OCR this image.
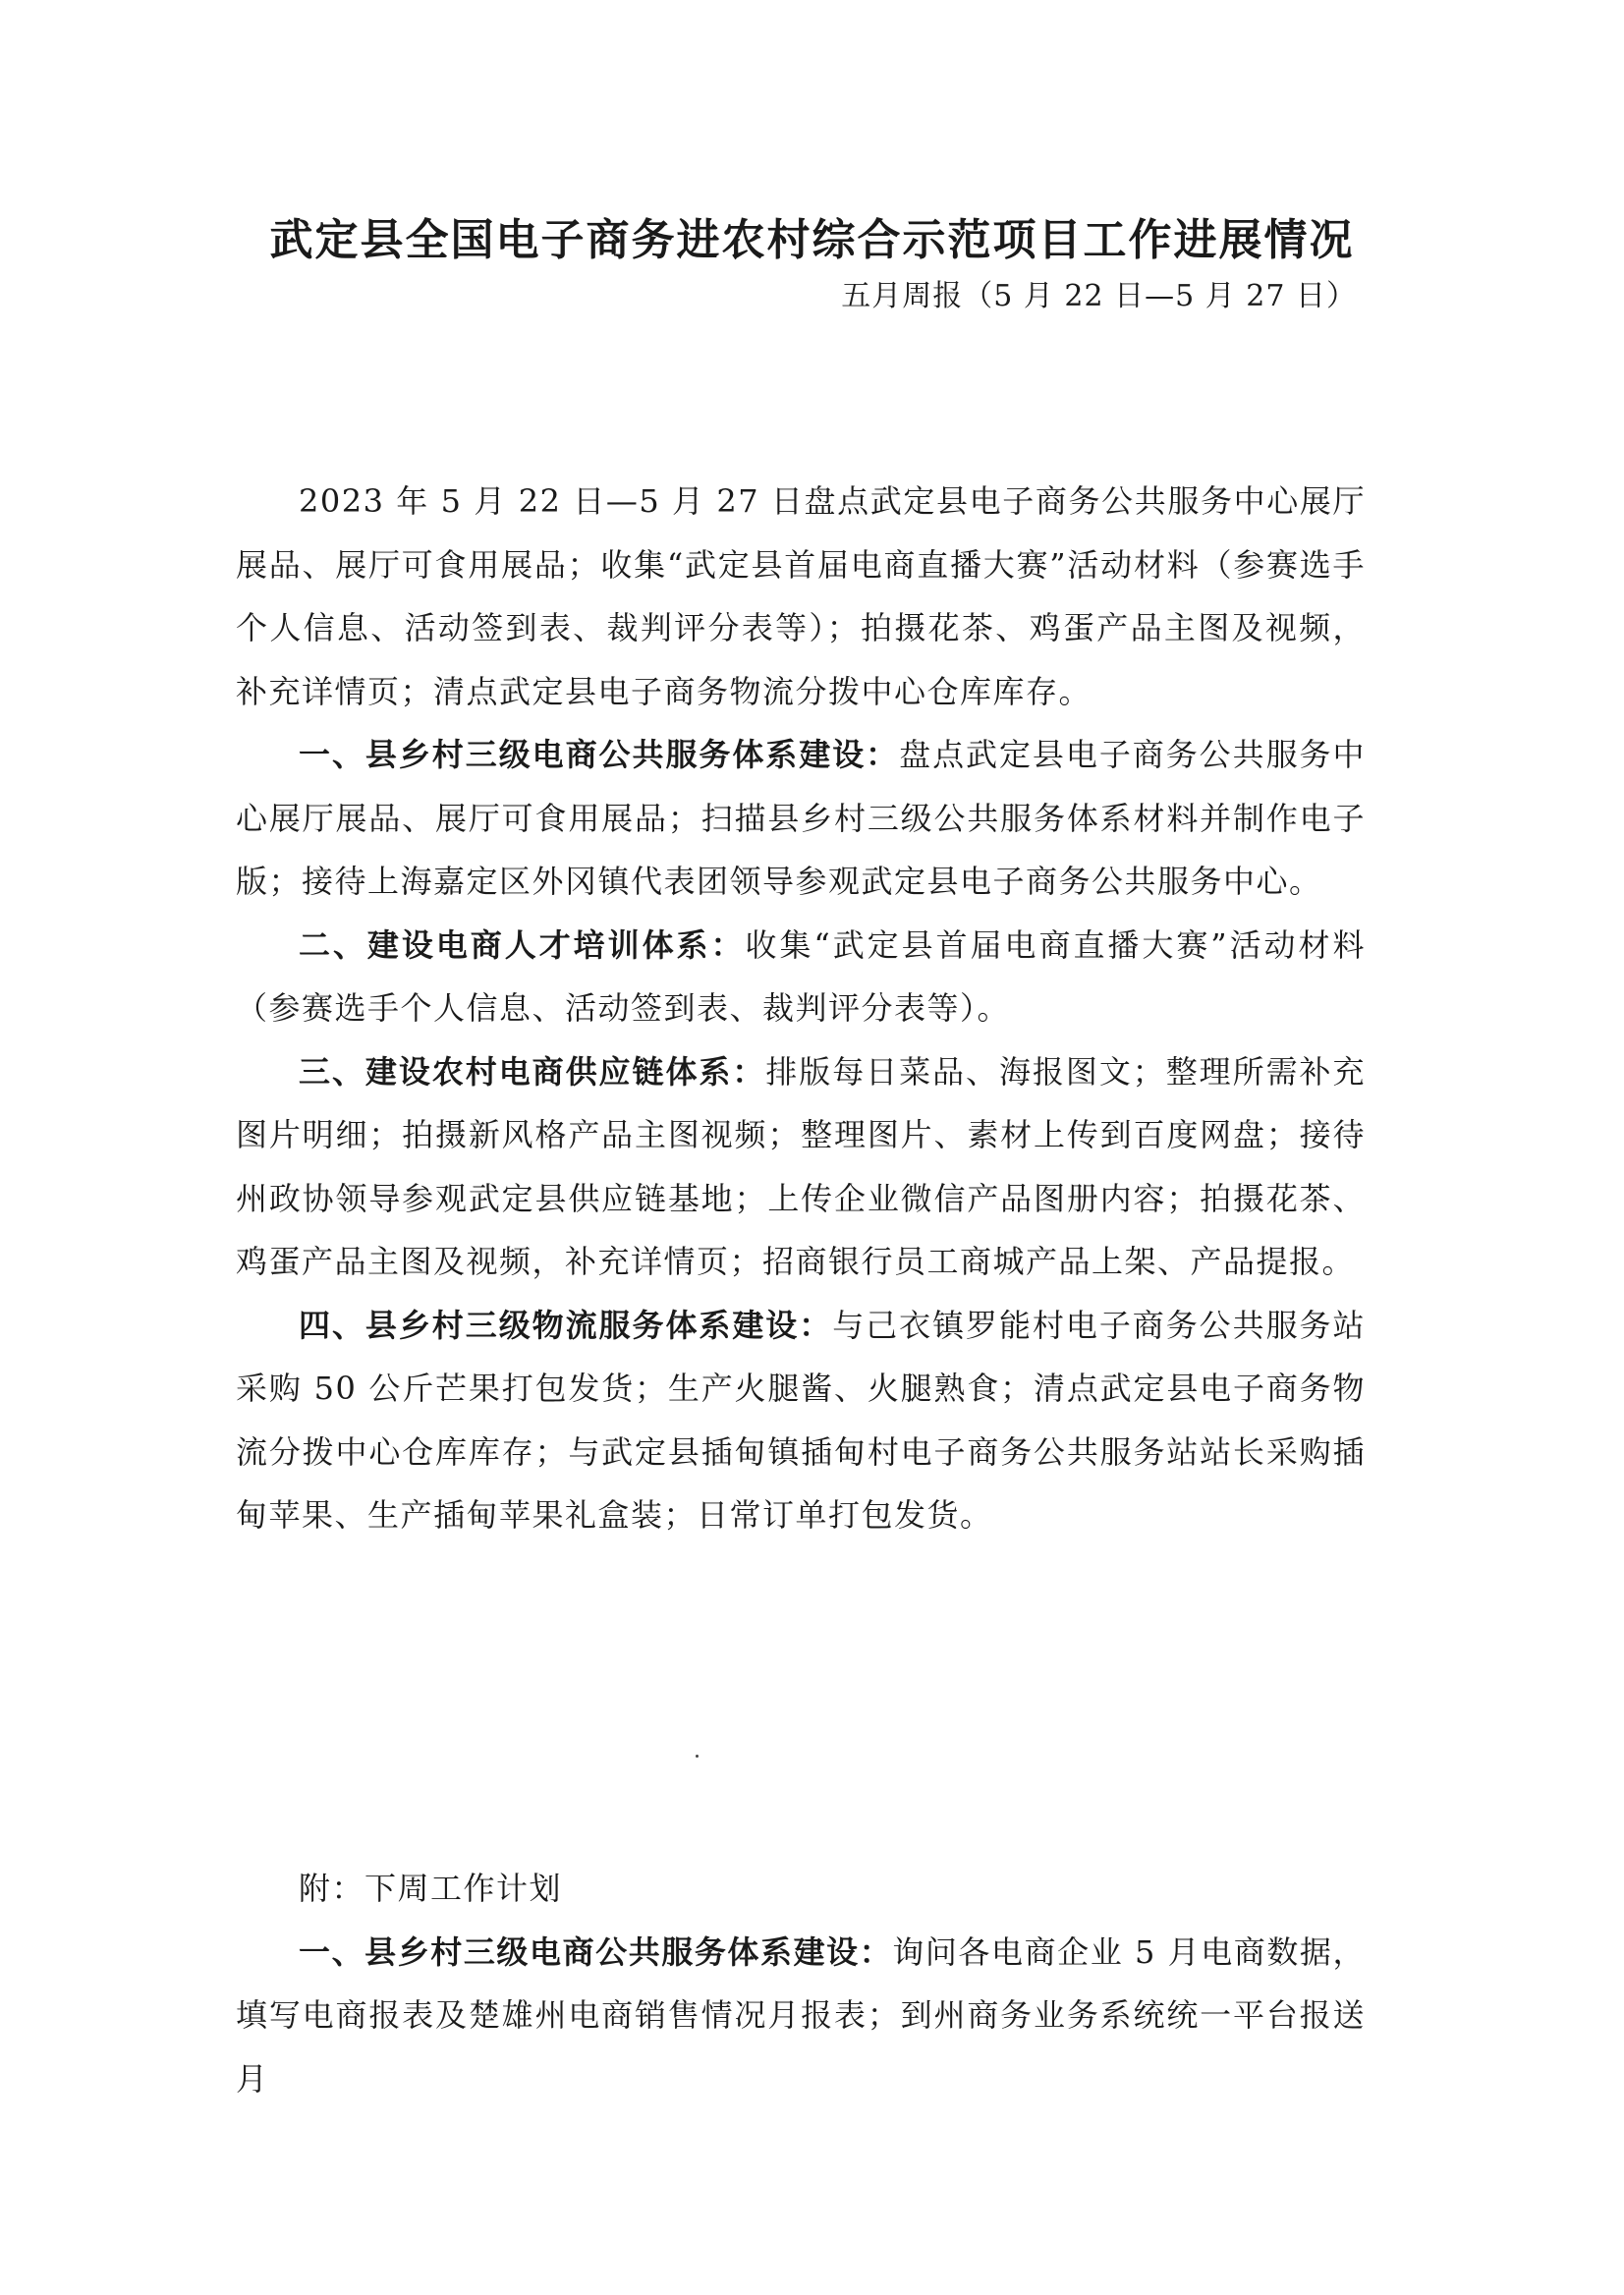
武定县全国电子商务进农村综合示范项目工作进展情况
五月周报（5 月 22 日—5 月 27 日）

2023 年 5 月 22 日—5 月 27 日盘点武定县电子商务公共服务中心展厅展品、展厅可食用展品；收集“武定县首届电商直播大赛”活动材料（参赛选手个人信息、活动签到表、裁判评分表等）；拍摄花茶、鸡蛋产品主图及视频，补充详情页；清点武定县电子商务物流分拨中心仓库库存。

一、县乡村三级电商公共服务体系建设：盘点武定县电子商务公共服务中心展厅展品、展厅可食用展品；扫描县乡村三级公共服务体系材料并制作电子版；接待上海嘉定区外冈镇代表团领导参观武定县电子商务公共服务中心。

二、建设电商人才培训体系：收集“武定县首届电商直播大赛”活动材料（参赛选手个人信息、活动签到表、裁判评分表等）。

三、建设农村电商供应链体系：排版每日菜品、海报图文；整理所需补充图片明细；拍摄新风格产品主图视频；整理图片、素材上传到百度网盘；接待州政协领导参观武定县供应链基地；上传企业微信产品图册内容；拍摄花茶、鸡蛋产品主图及视频，补充详情页；招商银行员工商城产品上架、产品提报。

四、县乡村三级物流服务体系建设：与己衣镇罗能村电子商务公共服务站采购 50 公斤芒果打包发货；生产火腿酱、火腿熟食；清点武定县电子商务物流分拨中心仓库库存；与武定县插甸镇插甸村电子商务公共服务站站长采购插甸苹果、生产插甸苹果礼盒装；日常订单打包发货。

附：下周工作计划

一、县乡村三级电商公共服务体系建设：询问各电商企业 5 月电商数据，填写电商报表及楚雄州电商销售情况月报表；到州商务业务系统统一平台报送月
